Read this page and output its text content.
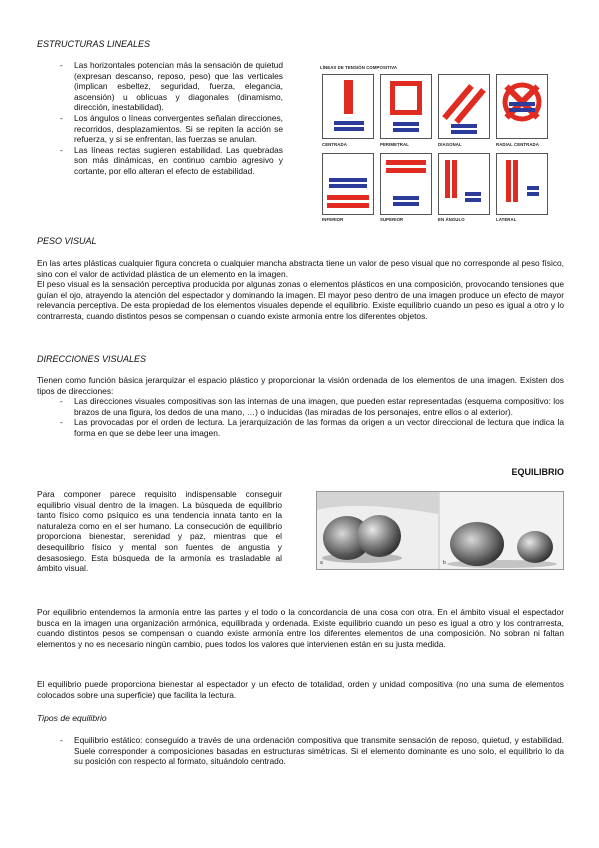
ESTRUCTURAS LINEALES

- Las horizontales potencian más la sensación de quietud (expresan descanso, reposo, peso) que las verticales (implican esbeltez, seguridad, fuerza, elegancia, ascensión) u oblicuas y diagonales (dinamismo, dirección, inestabilidad).
- Los ángulos o líneas convergentes señalan direcciones, recorridos, desplazamientos. Si se repiten la acción se refuerza, y si se enfrentan, las fuerzas se anulan.
- Las líneas rectas sugieren estabilidad. Las quebradas son más dinámicas, en continuo cambio agresivo y cortante, por ello alteran el efecto de estabilidad.
LÍNEAS DE TENSIÓN COMPOSITIVA
CENTRADA	PERIMETRAL	DIAGONAL	RADIAL CENTRADA
INFERIOR	SUPERIOR	EN ÁNGULO	LATERAL

PESO VISUAL

En las artes plásticas cualquier figura concreta o cualquier mancha abstracta tiene un valor de peso visual que no corresponde al peso físico, sino con el valor de actividad plástica de un elemento en la imagen.

El peso visual es la sensación perceptiva producida por algunas zonas o elementos plásticos en una composición, provocando tensiones que guían el ojo, atrayendo la atención del espectador y dominando la imagen. El mayor peso dentro de una imagen produce un efecto de mayor relevancia perceptiva. De esta propiedad de los elementos visuales depende el equilibrio. Existe equilibrio cuando un peso es igual a otro y lo contrarresta, cuando distintos pesos se compensan o cuando existe armonía entre los diferentes objetos.

DIRECCIONES VISUALES

Tienen como función básica jerarquizar el espacio plástico y proporcionar la visión ordenada de los elementos de una imagen. Existen dos tipos de direcciones:

- Las direcciones visuales compositivas son las internas de una imagen, que pueden estar representadas (esquema compositivo: los brazos de una figura, los dedos de una mano, …) o inducidas (las miradas de los personajes, entre ellos o al exterior).
- Las provocadas por el orden de lectura. La jerarquización de las formas da origen a un vector direccional de lectura que indica la forma en que se debe leer una imagen.

EQUILIBRIO

Para componer parece requisito indispensable conseguir equilibrio visual dentro de la imagen. La búsqueda de equilibrio tanto físico como psíquico es una tendencia innata tanto en la naturaleza como en el ser humano. La consecución de equilibrio proporciona bienestar, serenidad y paz, mientras que el desequilibrio físico y mental son fuentes de angustia y desasosiego. Esta búsqueda de la armonía es trasladable al ámbito visual.

a	b

Por equilibrio entendemos la armonía entre las partes y el todo o la concordancia de una cosa con otra. En el ámbito visual el espectador busca en la imagen una organización armónica, equilibrada y ordenada. Existe equilibrio cuando un peso es igual a otro y los contrarresta, cuando distintos pesos se compensan o cuando existe armonía entre los diferentes elementos de una composición. No sobran ni faltan elementos y no es necesario ningún cambio, pues todos los valores que intervienen están en su justa medida.

El equilibrio puede proporciona bienestar al espectador y un efecto de totalidad, orden y unidad compositiva (no una suma de elementos colocados sobre una superficie) que facilita la lectura.

Tipos de equilibrio

- Equilibrio estático: conseguido a través de una ordenación compositiva que transmite sensación de reposo, quietud, y estabilidad. Suele corresponder a composiciones basadas en estructuras simétricas. Si el elemento dominante es uno solo, el equilibrio lo da su posición con respecto al formato, situándolo centrado.
